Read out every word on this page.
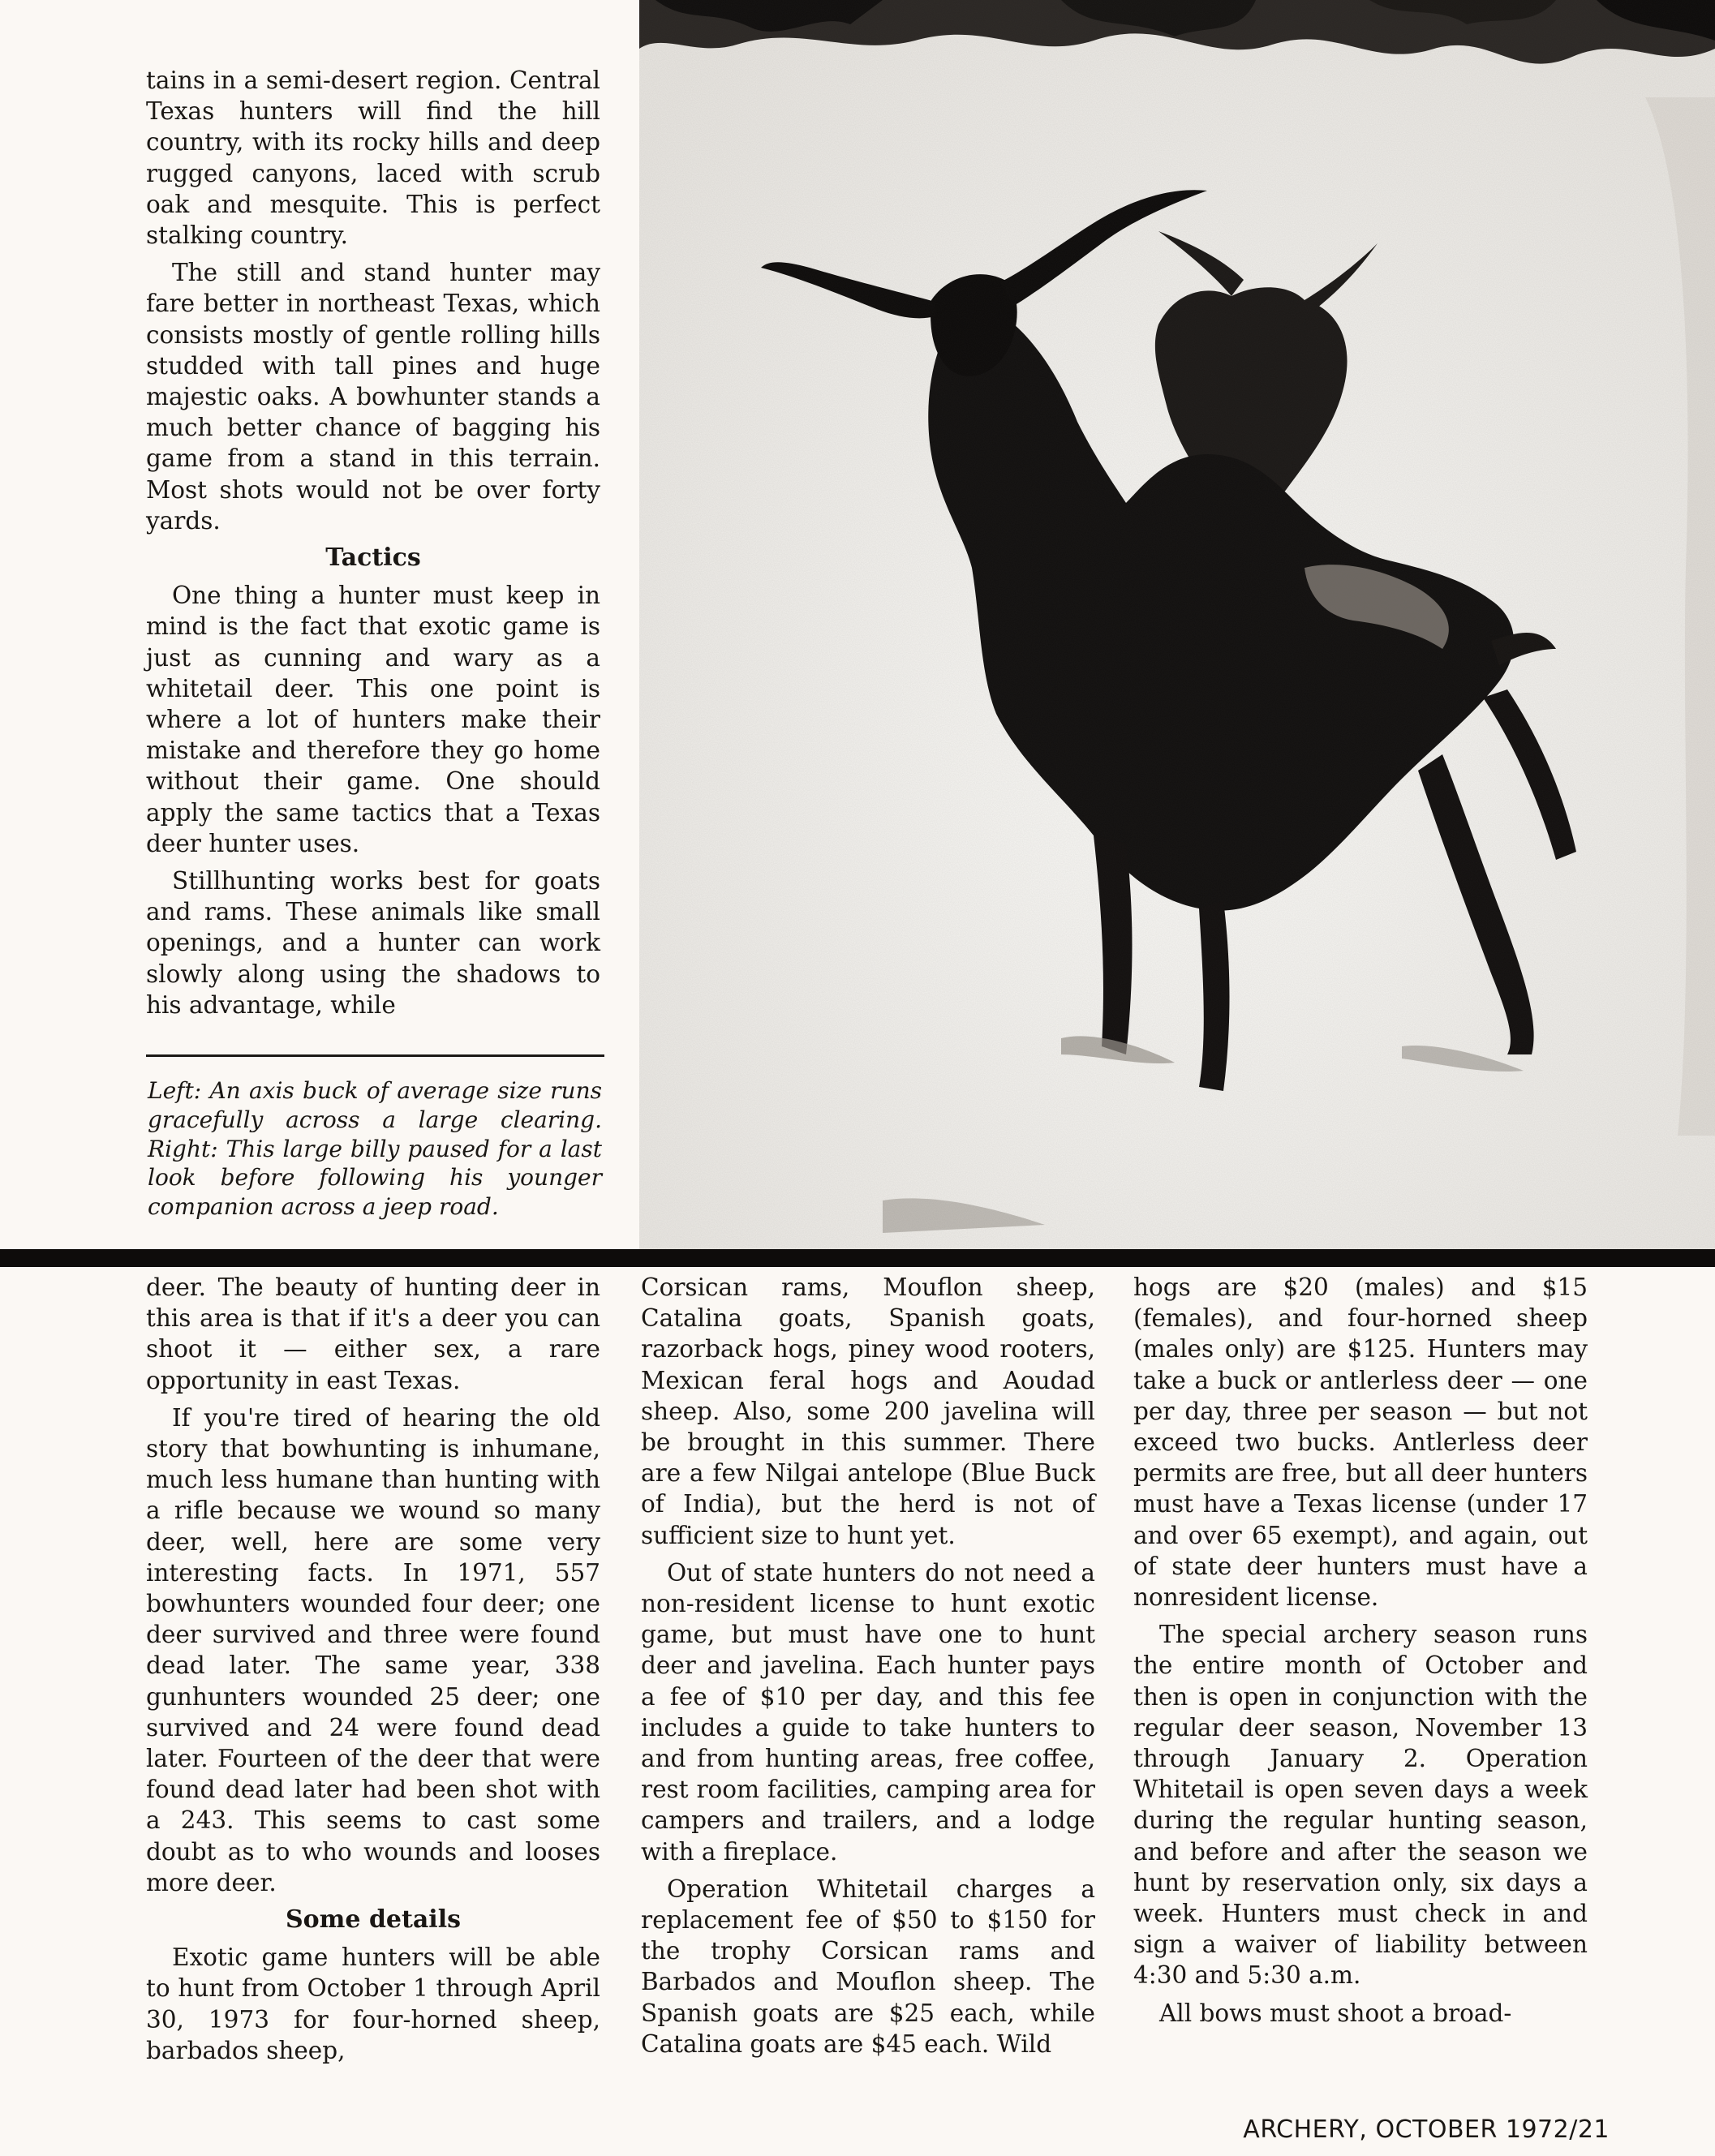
tains in a semi-desert region. Central Texas hunters will find the hill country, with its rocky hills and deep rugged canyons, laced with scrub oak and mesquite. This is perfect stalking country.

The still and stand hunter may fare better in northeast Texas, which consists mostly of gentle rolling hills studded with tall pines and huge majestic oaks. A bowhunter stands a much better chance of bagging his game from a stand in this terrain. Most shots would not be over forty yards.

Tactics

One thing a hunter must keep in mind is the fact that exotic game is just as cunning and wary as a whitetail deer. This one point is where a lot of hunters make their mistake and therefore they go home without their game. One should apply the same tactics that a Texas deer hunter uses.

Stillhunting works best for goats and rams. These animals like small openings, and a hunter can work slowly along using the shadows to his advantage, while

Left: An axis buck of average size runs gracefully across a large clearing. Right: This large billy paused for a last look before following his younger companion across a jeep road.

deer. The beauty of hunting deer in this area is that if it's a deer you can shoot it — either sex, a rare opportunity in east Texas.

If you're tired of hearing the old story that bowhunting is inhumane, much less humane than hunting with a rifle because we wound so many deer, well, here are some very interesting facts. In 1971, 557 bowhunters wounded four deer; one deer survived and three were found dead later. The same year, 338 gunhunters wounded 25 deer; one survived and 24 were found dead later. Fourteen of the deer that were found dead later had been shot with a 243. This seems to cast some doubt as to who wounds and looses more deer.

Some details

Exotic game hunters will be able to hunt from October 1 through April 30, 1973 for four-horned sheep, barbados sheep,

Corsican rams, Mouflon sheep, Catalina goats, Spanish goats, razorback hogs, piney wood rooters, Mexican feral hogs and Aoudad sheep. Also, some 200 javelina will be brought in this summer. There are a few Nilgai antelope (Blue Buck of India), but the herd is not of sufficient size to hunt yet.

Out of state hunters do not need a non-resident license to hunt exotic game, but must have one to hunt deer and javelina. Each hunter pays a fee of $10 per day, and this fee includes a guide to take hunters to and from hunting areas, free coffee, rest room facilities, camping area for campers and trailers, and a lodge with a fireplace.

Operation Whitetail charges a replacement fee of $50 to $150 for the trophy Corsican rams and Barbados and Mouflon sheep. The Spanish goats are $25 each, while Catalina goats are $45 each. Wild

hogs are $20 (males) and $15 (females), and four-horned sheep (males only) are $125. Hunters may take a buck or antlerless deer — one per day, three per season — but not exceed two bucks. Antlerless deer permits are free, but all deer hunters must have a Texas license (under 17 and over 65 exempt), and again, out of state deer hunters must have a nonresident license.

The special archery season runs the entire month of October and then is open in conjunction with the regular deer season, November 13 through January 2. Operation Whitetail is open seven days a week during the regular hunting season, and before and after the season we hunt by reservation only, six days a week. Hunters must check in and sign a waiver of liability between 4:30 and 5:30 a.m.

All bows must shoot a broad-

ARCHERY, OCTOBER 1972/21
